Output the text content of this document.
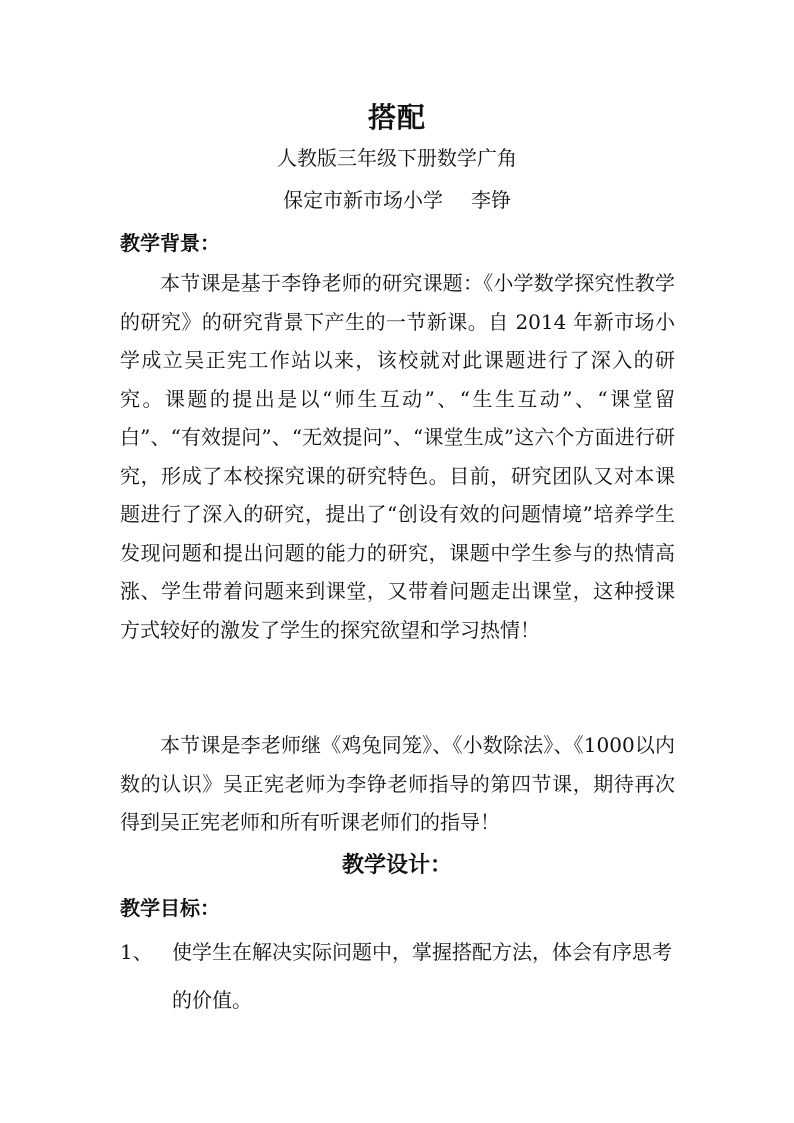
搭配
人教版三年级下册数学广角
保定市新市场小学 李铮
教学背景：

本节课是基于李铮老师的研究课题：《小学数学探究性教学的研究》的研究背景下产生的一节新课。自 2014 年新市场小学成立吴正宪工作站以来，该校就对此课题进行了深入的研究。课题的提出是以“师生互动”、“生生互动”、“课堂留白”、“有效提问”、“无效提问”、“课堂生成”这六个方面进行研究，形成了本校探究课的研究特色。目前，研究团队又对本课题进行了深入的研究，提出了“创设有效的问题情境”培养学生发现问题和提出问题的能力的研究，课题中学生参与的热情高涨、学生带着问题来到课堂，又带着问题走出课堂，这种授课方式较好的激发了学生的探究欲望和学习热情！

本节课是李老师继《鸡兔同笼》、《小数除法》、《1000以内数的认识》吴正宪老师为李铮老师指导的第四节课，期待再次得到吴正宪老师和所有听课老师们的指导！

教学设计：
教学目标：
1、 使学生在解决实际问题中，掌握搭配方法，体会有序思考的价值。
